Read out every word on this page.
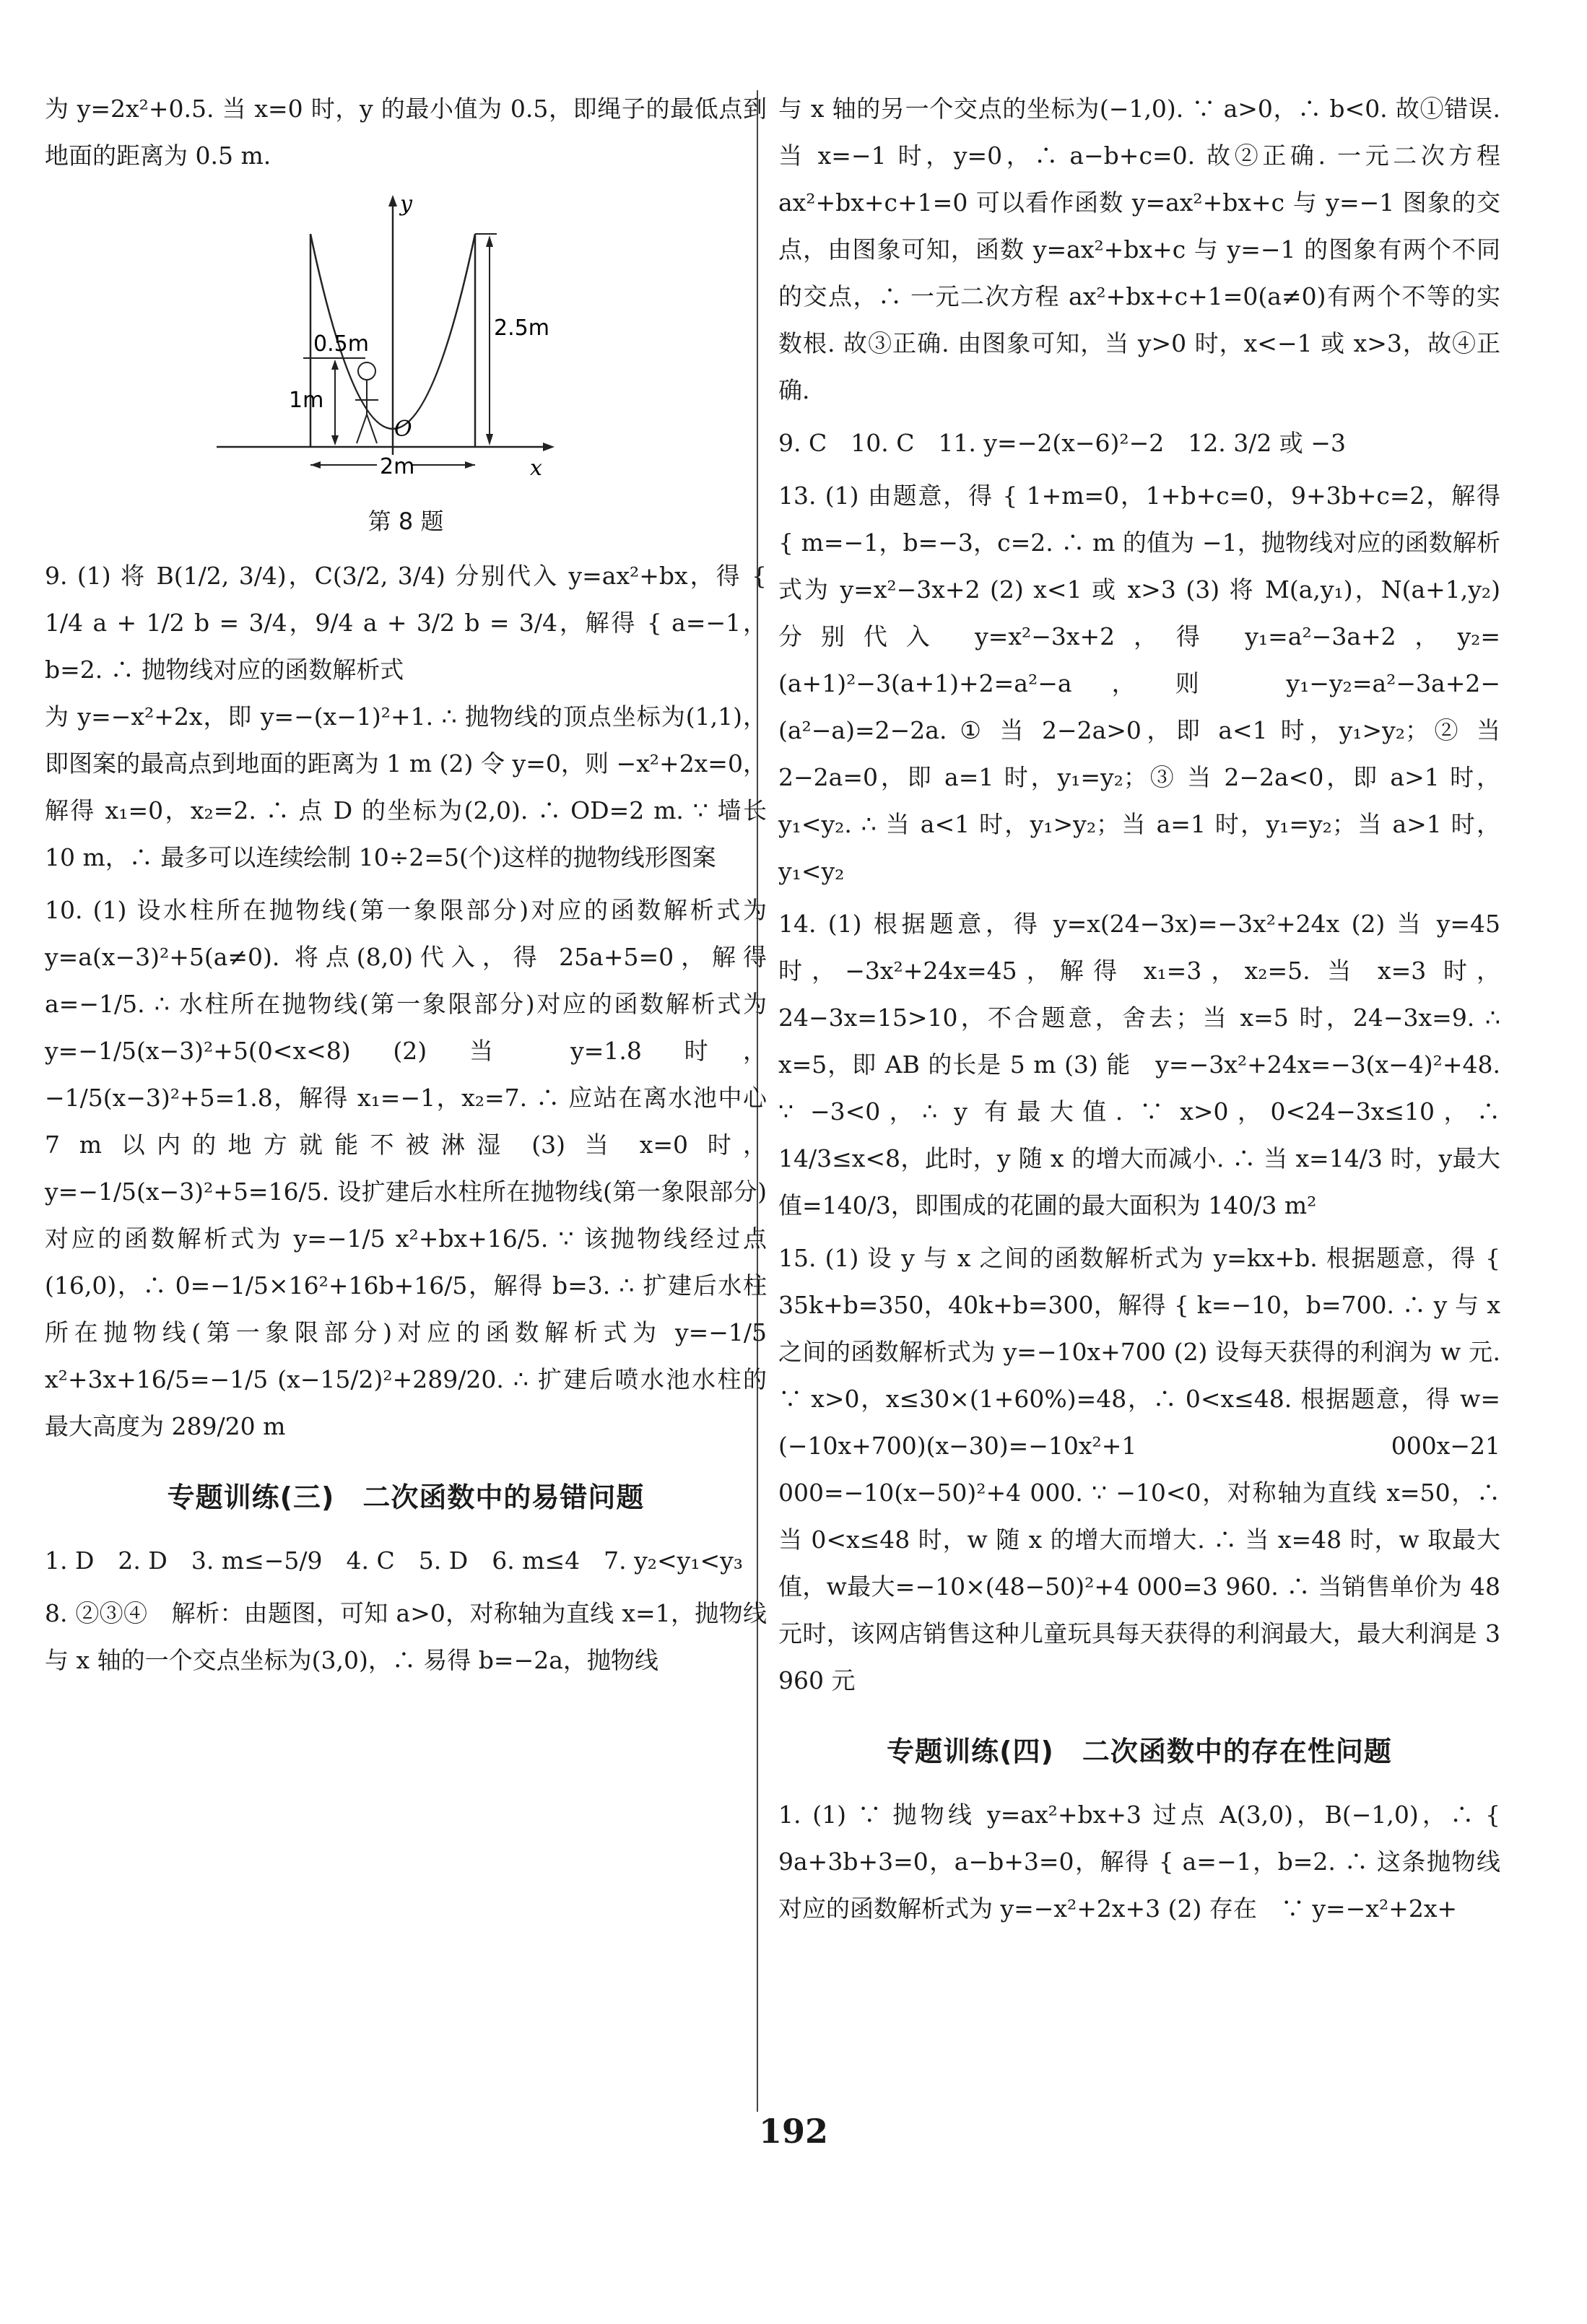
为 y=2x²+0.5. 当 x=0 时，y 的最小值为 0.5，即绳子的最低点到地面的距离为 0.5 m.

2.5m
1m
0.5m
2m
y
x
O
第 8 题

9. (1) 将 B(1/2, 3/4)，C(3/2, 3/4) 分别代入 y=ax²+bx，得 { 1/4 a + 1/2 b = 3/4，9/4 a + 3/2 b = 3/4，解得 { a=−1，b=2. ∴ 抛物线对应的函数解析式

为 y=−x²+2x，即 y=−(x−1)²+1. ∴ 抛物线的顶点坐标为(1,1)，即图案的最高点到地面的距离为 1 m (2) 令 y=0，则 −x²+2x=0，解得 x₁=0，x₂=2. ∴ 点 D 的坐标为(2,0). ∴ OD=2 m. ∵ 墙长 10 m，∴ 最多可以连续绘制 10÷2=5(个)这样的抛物线形图案

10. (1) 设水柱所在抛物线(第一象限部分)对应的函数解析式为 y=a(x−3)²+5(a≠0). 将点(8,0)代入，得 25a+5=0，解得 a=−1/5. ∴ 水柱所在抛物线(第一象限部分)对应的函数解析式为 y=−1/5(x−3)²+5(0<x<8) (2) 当 y=1.8 时，−1/5(x−3)²+5=1.8，解得 x₁=−1，x₂=7. ∴ 应站在离水池中心 7 m 以内的地方就能不被淋湿 (3) 当 x=0 时，y=−1/5(x−3)²+5=16/5. 设扩建后水柱所在抛物线(第一象限部分)对应的函数解析式为 y=−1/5 x²+bx+16/5. ∵ 该抛物线经过点(16,0)，∴ 0=−1/5×16²+16b+16/5，解得 b=3. ∴ 扩建后水柱所在抛物线(第一象限部分)对应的函数解析式为 y=−1/5 x²+3x+16/5=−1/5 (x−15/2)²+289/20. ∴ 扩建后喷水池水柱的最大高度为 289/20 m

专题训练(三)　二次函数中的易错问题

1. D　2. D　3. m≤−5/9　4. C　5. D　6. m≤4　7. y₂<y₁<y₃

8. ②③④　解析：由题图，可知 a>0，对称轴为直线 x=1，抛物线与 x 轴的一个交点坐标为(3,0)，∴ 易得 b=−2a，抛物线

与 x 轴的另一个交点的坐标为(−1,0). ∵ a>0，∴ b<0. 故①错误. 当 x=−1 时，y=0，∴ a−b+c=0. 故②正确. 一元二次方程 ax²+bx+c+1=0 可以看作函数 y=ax²+bx+c 与 y=−1 图象的交点，由图象可知，函数 y=ax²+bx+c 与 y=−1 的图象有两个不同的交点，∴ 一元二次方程 ax²+bx+c+1=0(a≠0)有两个不等的实数根. 故③正确. 由图象可知，当 y>0 时，x<−1 或 x>3，故④正确.

9. C　10. C　11. y=−2(x−6)²−2　12. 3/2 或 −3

13. (1) 由题意，得 { 1+m=0，1+b+c=0，9+3b+c=2，解得 { m=−1，b=−3，c=2. ∴ m 的值为 −1，抛物线对应的函数解析式为 y=x²−3x+2 (2) x<1 或 x>3 (3) 将 M(a,y₁)，N(a+1,y₂) 分别代入 y=x²−3x+2，得 y₁=a²−3a+2，y₂=(a+1)²−3(a+1)+2=a²−a，则 y₁−y₂=a²−3a+2−(a²−a)=2−2a. ① 当 2−2a>0，即 a<1 时，y₁>y₂；② 当 2−2a=0，即 a=1 时，y₁=y₂；③ 当 2−2a<0，即 a>1 时，y₁<y₂. ∴ 当 a<1 时，y₁>y₂；当 a=1 时，y₁=y₂；当 a>1 时，y₁<y₂

14. (1) 根据题意，得 y=x(24−3x)=−3x²+24x (2) 当 y=45 时，−3x²+24x=45，解得 x₁=3，x₂=5. 当 x=3 时，24−3x=15>10，不合题意，舍去；当 x=5 时，24−3x=9. ∴ x=5，即 AB 的长是 5 m (3) 能　y=−3x²+24x=−3(x−4)²+48. ∵ −3<0，∴ y 有最大值. ∵ x>0，0<24−3x≤10，∴ 14/3≤x<8，此时，y 随 x 的增大而减小. ∴ 当 x=14/3 时，y最大值=140/3，即围成的花圃的最大面积为 140/3 m²

15. (1) 设 y 与 x 之间的函数解析式为 y=kx+b. 根据题意，得 { 35k+b=350，40k+b=300，解得 { k=−10，b=700. ∴ y 与 x 之间的函数解析式为 y=−10x+700 (2) 设每天获得的利润为 w 元. ∵ x>0，x≤30×(1+60%)=48，∴ 0<x≤48. 根据题意，得 w=(−10x+700)(x−30)=−10x²+1 000x−21 000=−10(x−50)²+4 000. ∵ −10<0，对称轴为直线 x=50，∴ 当 0<x≤48 时，w 随 x 的增大而增大. ∴ 当 x=48 时，w 取最大值，w最大=−10×(48−50)²+4 000=3 960. ∴ 当销售单价为 48 元时，该网店销售这种儿童玩具每天获得的利润最大，最大利润是 3 960 元

专题训练(四)　二次函数中的存在性问题

1. (1) ∵ 抛物线 y=ax²+bx+3 过点 A(3,0)，B(−1,0)，∴ { 9a+3b+3=0，a−b+3=0，解得 { a=−1，b=2. ∴ 这条抛物线对应的函数解析式为 y=−x²+2x+3 (2) 存在　∵ y=−x²+2x+

192
